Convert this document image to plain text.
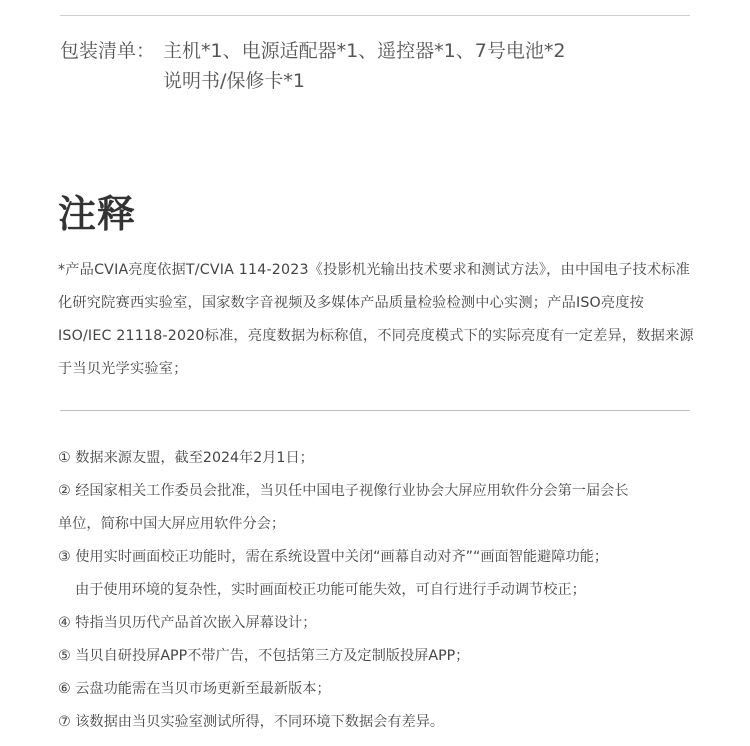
包装清单： 主机*1、电源适配器*1、遥控器*1、7号电池*2
说明书/保修卡*1
注释
*产品CVIA亮度依据T/CVIA 114-2023《投影机光输出技术要求和测试方法》，由中国电子技术标准化研究院赛西实验室，国家数字音视频及多媒体产品质量检验检测中心实测；产品ISO亮度按ISO/IEC 21118-2020标准，亮度数据为标称值，不同亮度模式下的实际亮度有一定差异，数据来源于当贝光学实验室；
① 数据来源友盟，截至2024年2月1日；
② 经国家相关工作委员会批准，当贝任中国电子视像行业协会大屏应用软件分会第一届会长
单位，简称中国大屏应用软件分会；
③ 使用实时画面校正功能时，需在系统设置中关闭“画幕自动对齐”“画面智能避障功能；
由于使用环境的复杂性，实时画面校正功能可能失效，可自行进行手动调节校正；
④ 特指当贝历代产品首次嵌入屏幕设计；
⑤ 当贝自研投屏APP不带广告，不包括第三方及定制版投屏APP；
⑥ 云盘功能需在当贝市场更新至最新版本；
⑦ 该数据由当贝实验室测试所得，不同环境下数据会有差异。
